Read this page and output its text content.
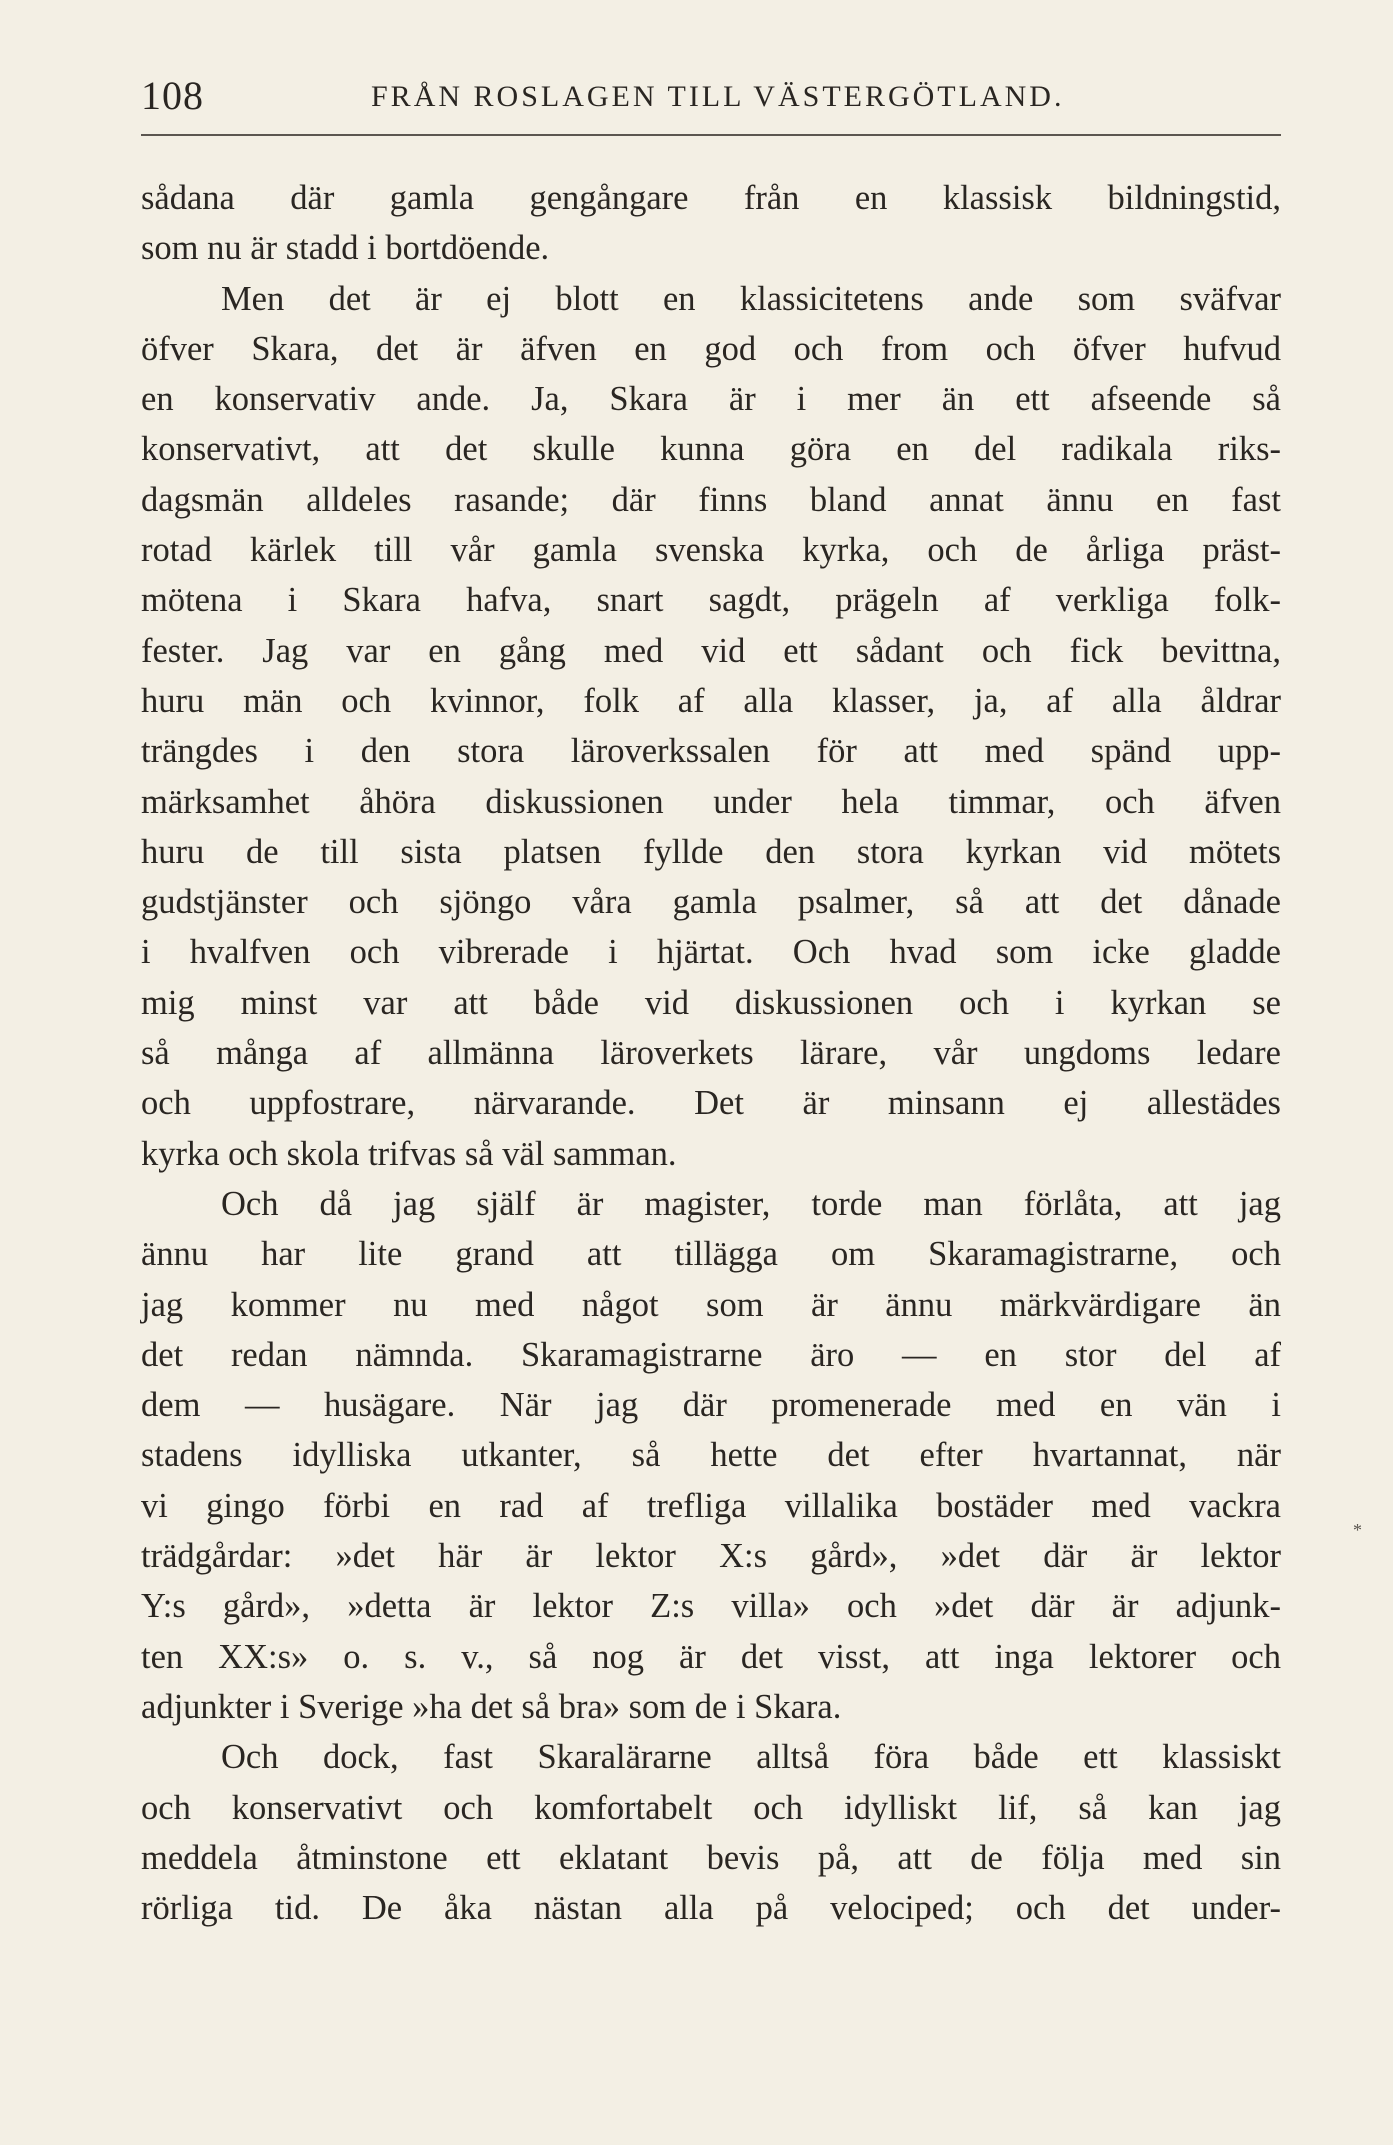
108	FRÅN ROSLAGEN TILL VÄSTERGÖTLAND.
sådana där gamla gengångare från en klassisk bildningstid,
som nu är stadd i bortdöende.
Men det är ej blott en klassicitetens ande som sväfvar
öfver Skara, det är äfven en god och from och öfver hufvud
en konservativ ande. Ja, Skara är i mer än ett afseende så
konservativt, att det skulle kunna göra en del radikala riks-
dagsmän alldeles rasande; där finns bland annat ännu en fast
rotad kärlek till vår gamla svenska kyrka, och de årliga präst-
mötena i Skara hafva, snart sagdt, prägeln af verkliga folk-
fester. Jag var en gång med vid ett sådant och fick bevittna,
huru män och kvinnor, folk af alla klasser, ja, af alla åldrar
trängdes i den stora läroverkssalen för att med spänd upp-
märksamhet åhöra diskussionen under hela timmar, och äfven
huru de till sista platsen fyllde den stora kyrkan vid mötets
gudstjänster och sjöngo våra gamla psalmer, så att det dånade
i hvalfven och vibrerade i hjärtat. Och hvad som icke gladde
mig minst var att både vid diskussionen och i kyrkan se
så många af allmänna läroverkets lärare, vår ungdoms ledare
och uppfostrare, närvarande. Det är minsann ej allestädes
kyrka och skola trifvas så väl samman.
Och då jag själf är magister, torde man förlåta, att jag
ännu har lite grand att tillägga om Skaramagistrarne, och
jag kommer nu med något som är ännu märkvärdigare än
det redan nämnda. Skaramagistrarne äro — en stor del af
dem — husägare. När jag där promenerade med en vän i
stadens idylliska utkanter, så hette det efter hvartannat, när
vi gingo förbi en rad af trefliga villalika bostäder med vackra
trädgårdar: »det här är lektor X:s gård», »det där är lektor
Y:s gård», »detta är lektor Z:s villa» och »det där är adjunk-
ten XX:s» o. s. v., så nog är det visst, att inga lektorer och
adjunkter i Sverige »ha det så bra» som de i Skara.
Och dock, fast Skaralärarne alltså föra både ett klassiskt
och konservativt och komfortabelt och idylliskt lif, så kan jag
meddela åtminstone ett eklatant bevis på, att de följa med sin
rörliga tid. De åka nästan alla på velociped; och det under-
*
